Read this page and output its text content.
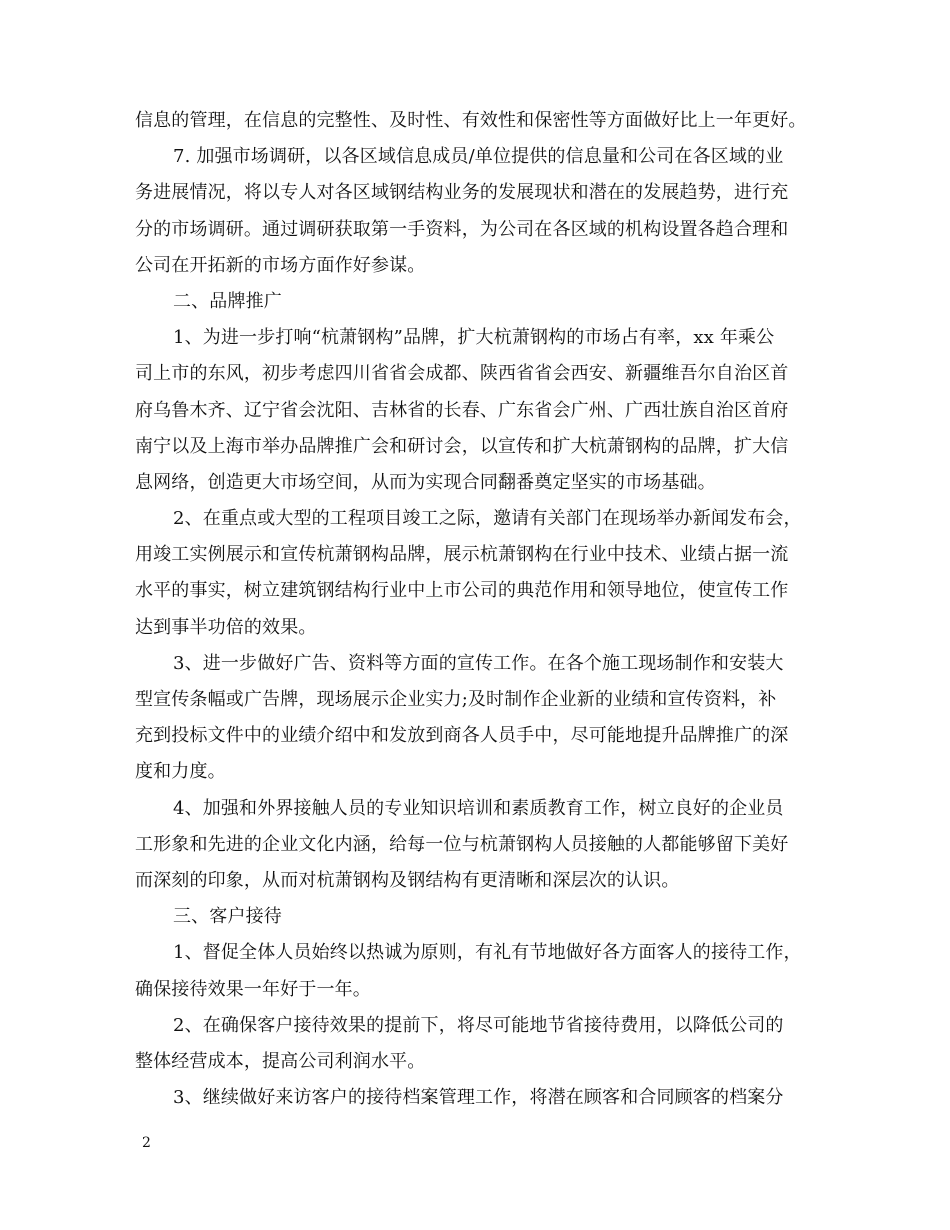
信息的管理，在信息的完整性、及时性、有效性和保密性等方面做好比上一年更好。
7. 加强市场调研，以各区域信息成员/单位提供的信息量和公司在各区域的业
务进展情况，将以专人对各区域钢结构业务的发展现状和潜在的发展趋势，进行充
分的市场调研。通过调研获取第一手资料，为公司在各区域的机构设置各趋合理和
公司在开拓新的市场方面作好参谋。
二、品牌推广
1、为进一步打响“杭萧钢构”品牌，扩大杭萧钢构的市场占有率，xx 年乘公
司上市的东风，初步考虑四川省省会成都、陕西省省会西安、新疆维吾尔自治区首
府乌鲁木齐、辽宁省会沈阳、吉林省的长春、广东省会广州、广西壮族自治区首府
南宁以及上海市举办品牌推广会和研讨会，以宣传和扩大杭萧钢构的品牌，扩大信
息网络，创造更大市场空间，从而为实现合同翻番奠定坚实的市场基础。
2、在重点或大型的工程项目竣工之际，邀请有关部门在现场举办新闻发布会，
用竣工实例展示和宣传杭萧钢构品牌，展示杭萧钢构在行业中技术、业绩占据一流
水平的事实，树立建筑钢结构行业中上市公司的典范作用和领导地位，使宣传工作
达到事半功倍的效果。
3、进一步做好广告、资料等方面的宣传工作。在各个施工现场制作和安装大
型宣传条幅或广告牌，现场展示企业实力;及时制作企业新的业绩和宣传资料，补
充到投标文件中的业绩介绍中和发放到商各人员手中，尽可能地提升品牌推广的深
度和力度。
4、加强和外界接触人员的专业知识培训和素质教育工作，树立良好的企业员
工形象和先进的企业文化内涵，给每一位与杭萧钢构人员接触的人都能够留下美好
而深刻的印象，从而对杭萧钢构及钢结构有更清晰和深层次的认识。
三、客户接待
1、督促全体人员始终以热诚为原则，有礼有节地做好各方面客人的接待工作，
确保接待效果一年好于一年。
2、在确保客户接待效果的提前下，将尽可能地节省接待费用，以降低公司的
整体经营成本，提高公司利润水平。
3、继续做好来访客户的接待档案管理工作，将潜在顾客和合同顾客的档案分
2
